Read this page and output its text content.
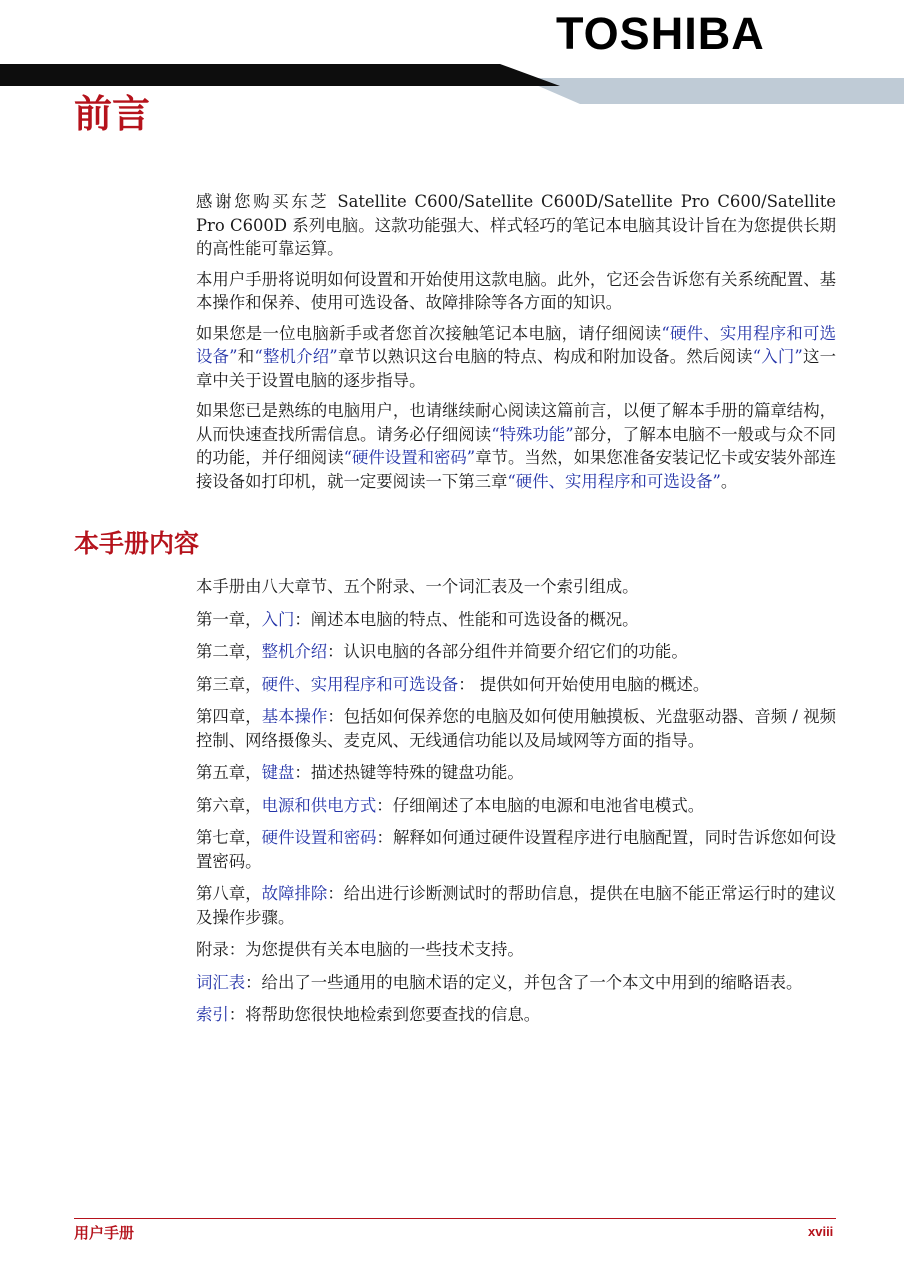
TOSHIBA
前言

感谢您购买东芝 Satellite C600/Satellite C600D/Satellite Pro C600/Satellite Pro C600D 系列电脑。这款功能强大、样式轻巧的笔记本电脑其设计旨在为您提供长期的高性能可靠运算。

本用户手册将说明如何设置和开始使用这款电脑。此外，它还会告诉您有关系统配置、基本操作和保养、使用可选设备、故障排除等各方面的知识。

如果您是一位电脑新手或者您首次接触笔记本电脑，请仔细阅读“硬件、实用程序和可选设备”和“整机介绍”章节以熟识这台电脑的特点、构成和附加设备。然后阅读“入门”这一章中关于设置电脑的逐步指导。

如果您已是熟练的电脑用户，也请继续耐心阅读这篇前言，以便了解本手册的篇章结构，从而快速查找所需信息。请务必仔细阅读“特殊功能”部分，了解本电脑不一般或与众不同的功能，并仔细阅读“硬件设置和密码”章节。当然，如果您准备安装记忆卡或安装外部连接设备如打印机，就一定要阅读一下第三章“硬件、实用程序和可选设备”。

本手册内容

本手册由八大章节、五个附录、一个词汇表及一个索引组成。

第一章，入门：阐述本电脑的特点、性能和可选设备的概况。

第二章，整机介绍：认识电脑的各部分组件并简要介绍它们的功能。

第三章，硬件、实用程序和可选设备： 提供如何开始使用电脑的概述。

第四章，基本操作：包括如何保养您的电脑及如何使用触摸板、光盘驱动器、音频 / 视频控制、网络摄像头、麦克风、无线通信功能以及局域网等方面的指导。

第五章，键盘：描述热键等特殊的键盘功能。

第六章，电源和供电方式：仔细阐述了本电脑的电源和电池省电模式。

第七章，硬件设置和密码：解释如何通过硬件设置程序进行电脑配置，同时告诉您如何设置密码。

第八章，故障排除：给出进行诊断测试时的帮助信息，提供在电脑不能正常运行时的建议及操作步骤。

附录：为您提供有关本电脑的一些技术支持。

词汇表：给出了一些通用的电脑术语的定义，并包含了一个本文中用到的缩略语表。

索引：将帮助您很快地检索到您要查找的信息。

用户手册	xviii
